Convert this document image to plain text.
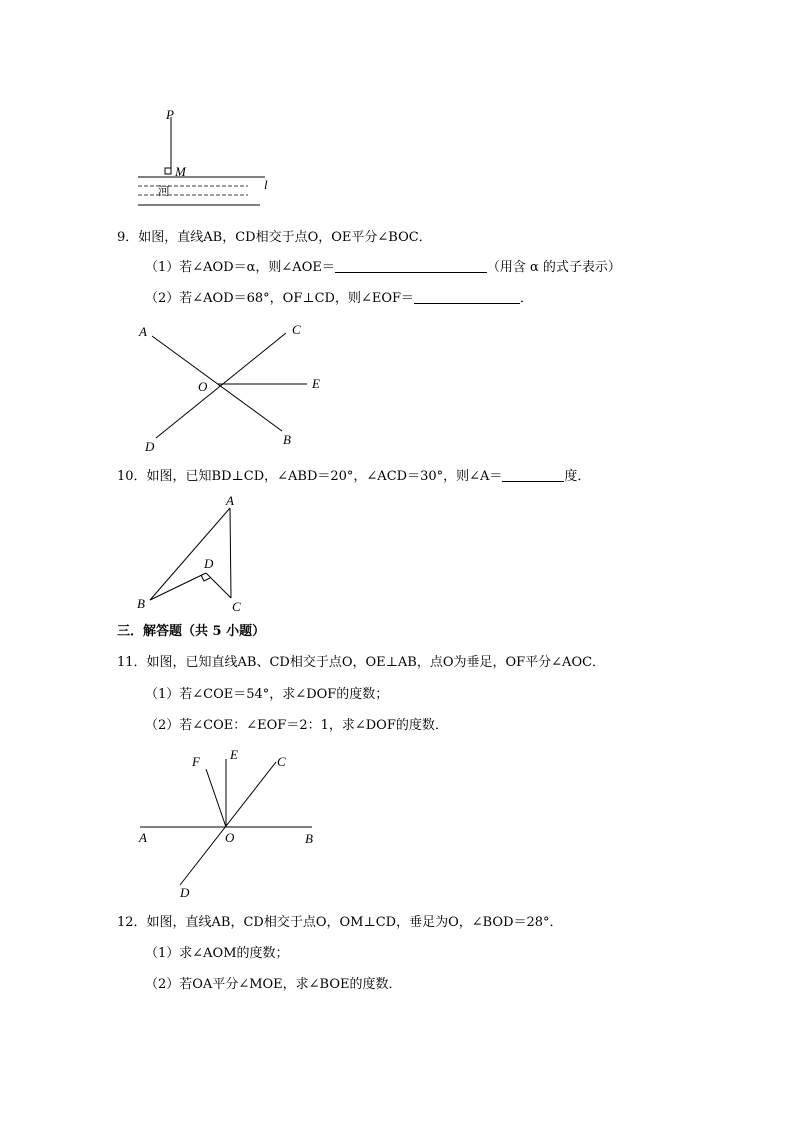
P
M
l
河
9．如图，直线AB，CD相交于点O，OE平分∠BOC．
（1）若∠AOD＝α，则∠AOE＝	（用含 α 的式子表示）
（2）若∠AOD＝68°，OF⊥CD，则∠EOF＝	．
A	C
O	E
D	B
10．如图，已知BD⊥CD，∠ABD＝20°，∠ACD＝30°，则∠A＝	度．
A
D
B	C
三．解答题（共 5 小题）
11．如图，已知直线AB、CD相交于点O，OE⊥AB，点O为垂足，OF平分∠AOC．
（1）若∠COE＝54°，求∠DOF的度数；
（2）若∠COE：∠EOF＝2：1，求∠DOF的度数．
F E	C
A	O	B
D
12．如图，直线AB，CD相交于点O，OM⊥CD，垂足为O，∠BOD＝28°．
（1）求∠AOM的度数；
（2）若OA平分∠MOE，求∠BOE的度数．
